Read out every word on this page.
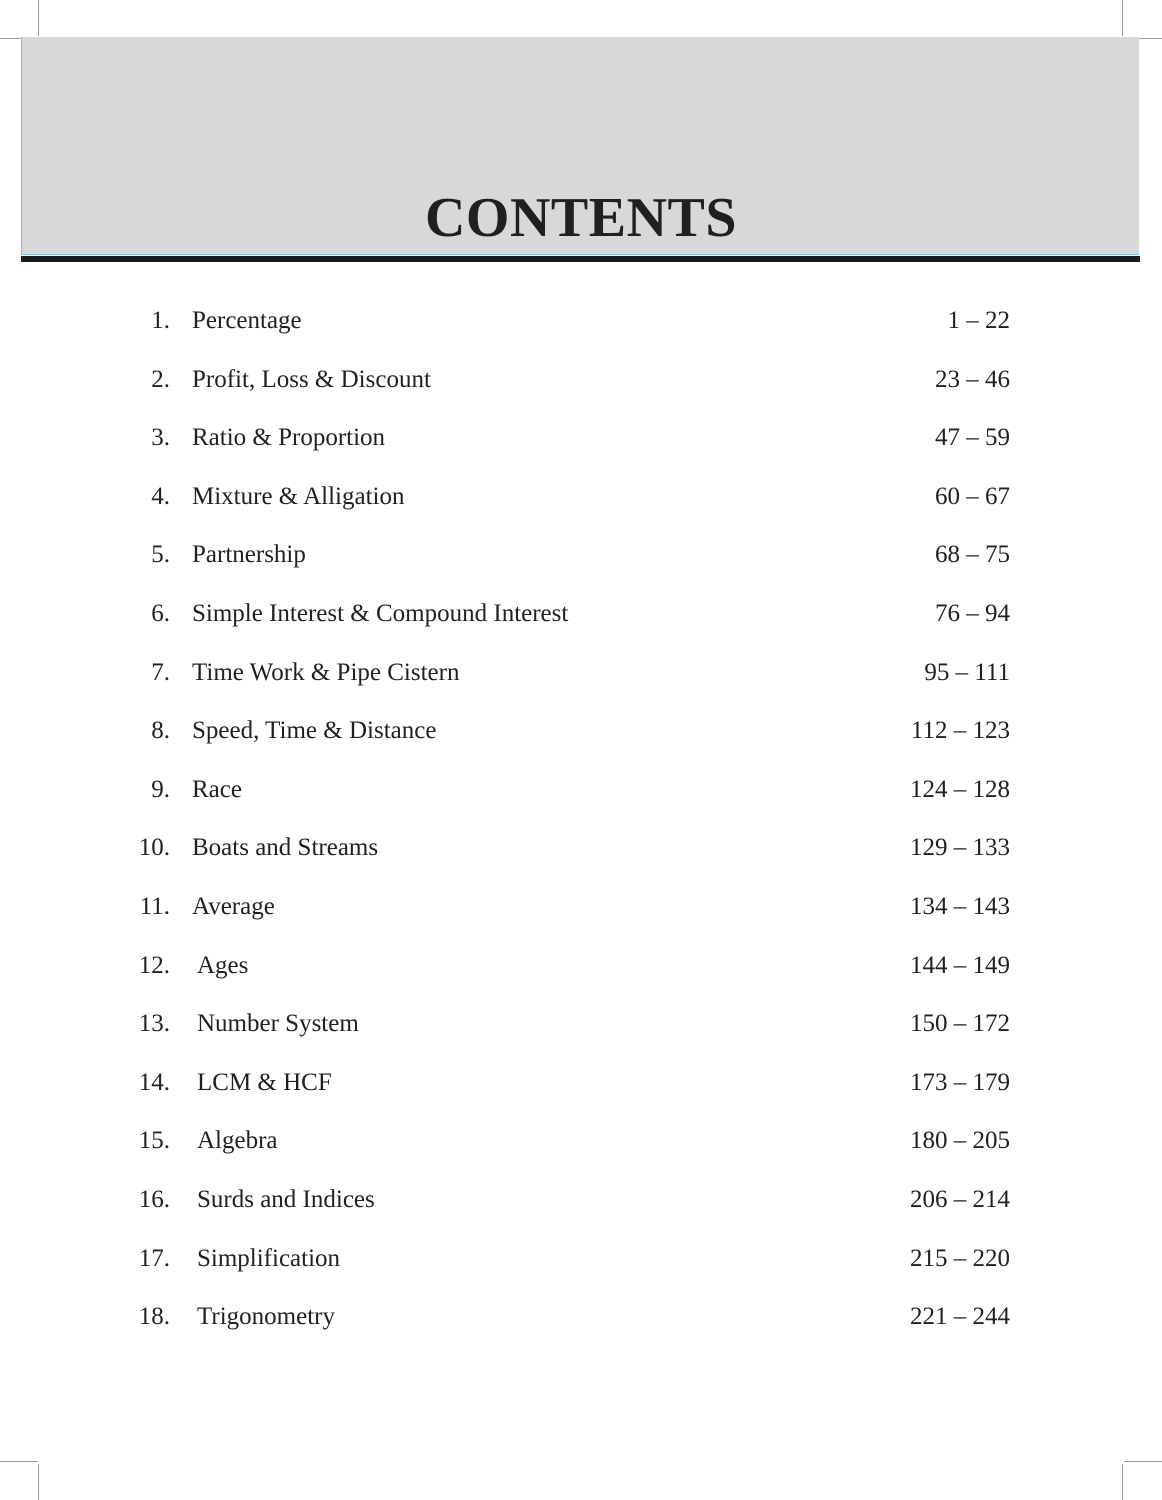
CONTENTS
1. Percentage	1 – 22
2. Profit, Loss & Discount	23 – 46
3. Ratio & Proportion	47 – 59
4. Mixture & Alligation	60 – 67
5. Partnership	68 – 75
6. Simple Interest & Compound Interest	76 – 94
7. Time Work & Pipe Cistern	95 – 111
8. Speed, Time & Distance	112 – 123
9. Race	124 – 128
10. Boats and Streams	129 – 133
11. Average	134 – 143
12. Ages	144 – 149
13. Number System	150 – 172
14. LCM & HCF	173 – 179
15. Algebra	180 – 205
16. Surds and Indices	206 – 214
17. Simplification	215 – 220
18. Trigonometry	221 – 244
